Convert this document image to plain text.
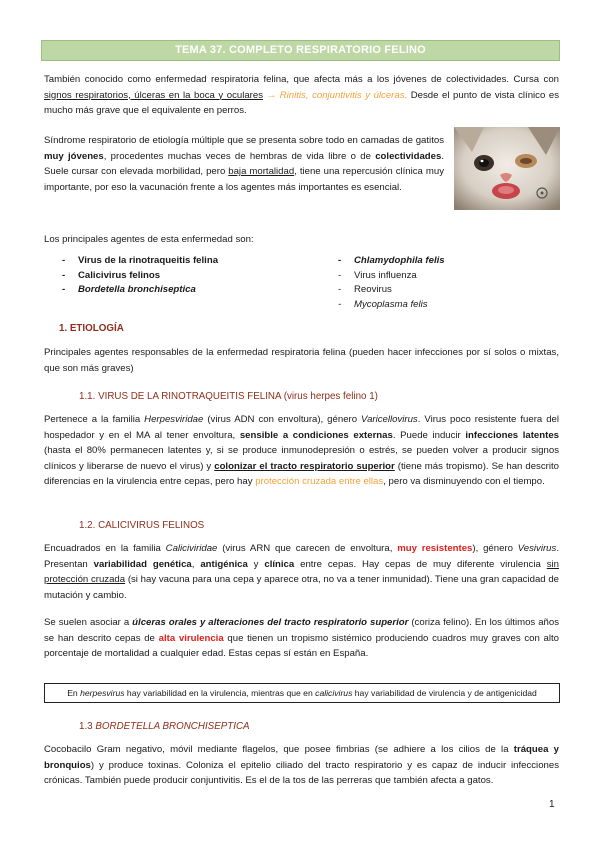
TEMA 37. COMPLETO RESPIRATORIO FELINO
También conocido como enfermedad respiratoria felina, que afecta más a los jóvenes de colectividades. Cursa con signos respiratorios, úlceras en la boca y oculares → Rinitis, conjuntivitis y úlceras. Desde el punto de vista clínico es mucho más grave que el equivalente en perros.
Síndrome respiratorio de etiología múltiple que se presenta sobre todo en camadas de gatitos muy jóvenes, procedentes muchas veces de hembras de vida libre o de colectividades. Suele cursar con elevada morbilidad, pero baja mortalidad, tiene una repercusión clínica muy importante, por eso la vacunación frente a los agentes más importantes es esencial.
Los principales agentes de esta enfermedad son:
- Virus de la rinotraqueitis felina
- Calicivirus felinos
- Bordetella bronchiseptica
- Chlamydophila felis
- Virus influenza
- Reovirus
- Mycoplasma felis
1. ETIOLOGÍA
Principales agentes responsables de la enfermedad respiratoria felina (pueden hacer infecciones por sí solos o mixtas, que son más graves)
1.1. VIRUS DE LA RINOTRAQUEITIS FELINA (virus herpes felino 1)
Pertenece a la familia Herpesviridae (virus ADN con envoltura), género Varicellovirus. Virus poco resistente fuera del hospedador y en el MA al tener envoltura, sensible a condiciones externas. Puede inducir infecciones latentes (hasta el 80% permanecen latentes y, si se produce inmunodepresión o estrés, se pueden volver a producir signos clínicos y liberarse de nuevo el virus) y colonizar el tracto respiratorio superior (tiene más tropismo). Se han descrito diferencias en la virulencia entre cepas, pero hay protección cruzada entre ellas, pero va disminuyendo con el tiempo.
1.2. CALICIVIRUS FELINOS
Encuadrados en la familia Caliciviridae (virus ARN que carecen de envoltura, muy resistentes), género Vesivirus. Presentan variabilidad genética, antigénica y clínica entre cepas. Hay cepas de muy diferente virulencia sin protección cruzada (si hay vacuna para una cepa y aparece otra, no va a tener inmunidad). Tiene una gran capacidad de mutación y cambio.
Se suelen asociar a úlceras orales y alteraciones del tracto respiratorio superior (coriza felino). En los últimos años se han descrito cepas de alta virulencia que tienen un tropismo sistémico produciendo cuadros muy graves con alto porcentaje de mortalidad a cualquier edad. Estas cepas sí están en España.
En herpesvirus hay variabilidad en la virulencia, mientras que en calicivirus hay variabilidad de virulencia y de antigenicidad
1.3 BORDETELLA BRONCHISEPTICA
Cocobacilo Gram negativo, móvil mediante flagelos, que posee fimbrias (se adhiere a los cilios de la tráquea y bronquios) y produce toxinas. Coloniza el epitelio ciliado del tracto respiratorio y es capaz de inducir infecciones crónicas. También puede producir conjuntivitis. Es el de la tos de las perreras que también afecta a gatos.
1
